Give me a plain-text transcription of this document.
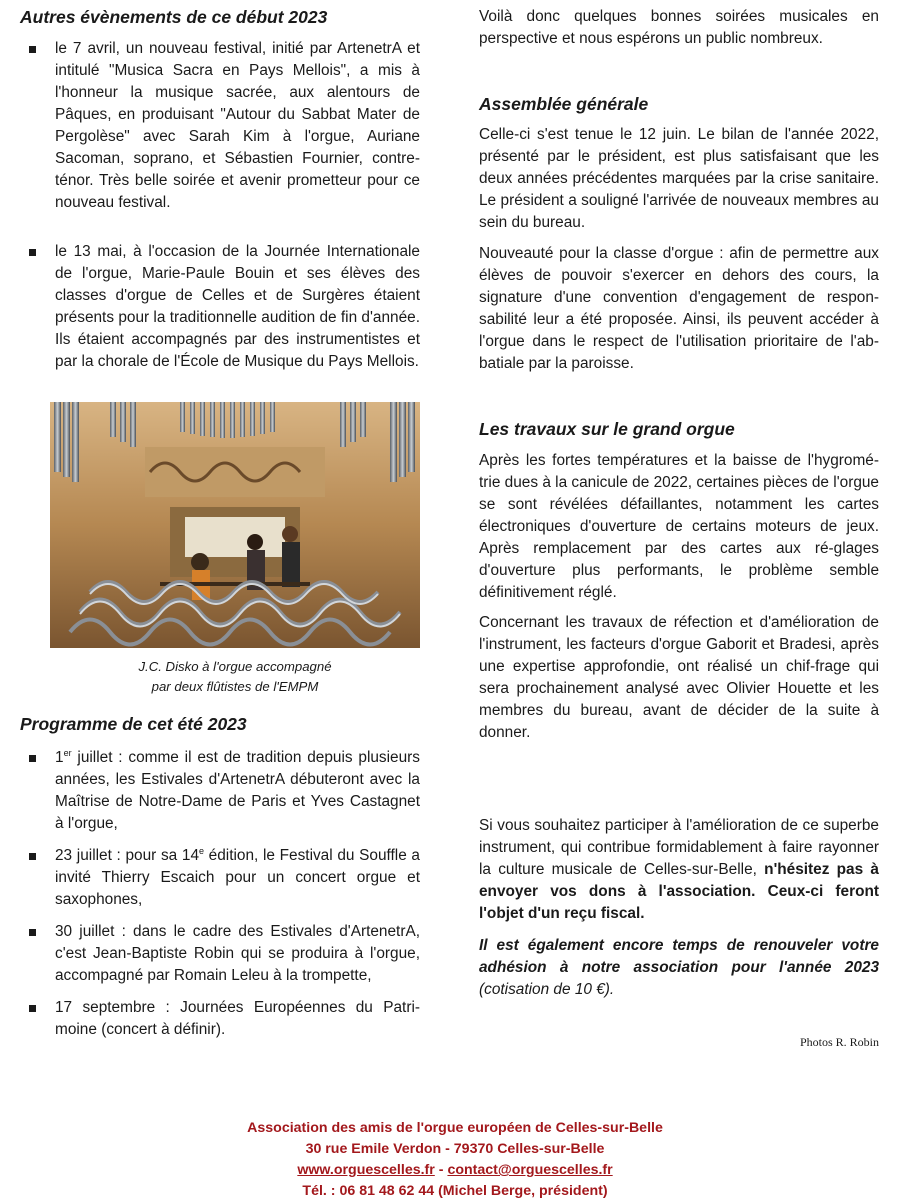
Autres évènements de ce début 2023
le 7 avril, un nouveau festival, initié par ArtenetrA et intitulé "Musica Sacra en Pays Mellois", a mis à l'honneur la musique sacrée, aux alentours de Pâques, en produisant "Autour du Sabbat Mater de Pergolèse" avec Sarah Kim à l'orgue, Auriane Sacoman, soprano, et Sébastien Fournier, contre-ténor. Très belle soirée et avenir prometteur pour ce nouveau festival.
le 13 mai, à l'occasion de la Journée Internationale de l'orgue, Marie-Paule Bouin et ses élèves des classes d'orgue de Celles et de Surgères étaient présents pour la traditionnelle audition de fin d'année. Ils étaient accompagnés par des instrumentistes et par la chorale de l'École de Musique du Pays Mellois.
J.C. Disko à l'orgue accompagné
par deux flûtistes de l'EMPM
Programme de cet été 2023
1er juillet : comme il est de tradition depuis plusieurs années, les Estivales d'ArtenetrA débuteront avec la Maîtrise de Notre-Dame de Paris et Yves Castagnet à l'orgue,
23 juillet : pour sa 14e édition, le Festival du Souffle a invité Thierry Escaich pour un concert orgue et saxophones,
30 juillet : dans le cadre des Estivales d'ArtenetrA, c'est Jean-Baptiste Robin qui se produira à l'orgue, accompagné par Romain Leleu à la trompette,
17 septembre : Journées Européennes du Patri-moine (concert à définir).

Voilà donc quelques bonnes soirées musicales en perspective et nous espérons un public nombreux.

Assemblée générale

Celle-ci s'est tenue le 12 juin. Le bilan de l'année 2022, présenté par le président, est plus satisfaisant que les deux années précédentes marquées par la crise sanitaire. Le président a souligné l'arrivée de nouveaux membres au sein du bureau.

Nouveauté pour la classe d'orgue : afin de permettre aux élèves de pouvoir s'exercer en dehors des cours, la signature d'une convention d'engagement de respon-sabilité leur a été proposée. Ainsi, ils peuvent accéder à l'orgue dans le respect de l'utilisation prioritaire de l'ab-batiale par la paroisse.

Les travaux sur le grand orgue

Après les fortes températures et la baisse de l'hygromé-trie dues à la canicule de 2022, certaines pièces de l'orgue se sont révélées défaillantes, notamment les cartes électroniques d'ouverture de certains moteurs de jeux. Après remplacement par des cartes aux ré-glages d'ouverture plus performants, le problème semble définitivement réglé.

Concernant les travaux de réfection et d'amélioration de l'instrument, les facteurs d'orgue Gaborit et Bradesi, après une expertise approfondie, ont réalisé un chif-frage qui sera prochainement analysé avec Olivier Houette et les membres du bureau, avant de décider de la suite à donner.

Si vous souhaitez participer à l'amélioration de ce superbe instrument, qui contribue formidablement à faire rayonner la culture musicale de Celles-sur-Belle, n'hésitez pas à envoyer vos dons à l'association. Ceux-ci feront l'objet d'un reçu fiscal.

Il est également encore temps de renouveler votre adhésion à notre association pour l'année 2023 (cotisation de 10 €).

Photos R. Robin
Association des amis de l'orgue européen de Celles-sur-Belle
30 rue Emile Verdon - 79370 Celles-sur-Belle
www.orguescelles.fr - contact@orguescelles.fr
Tél. : 06 81 48 62 44 (Michel Berge, président)
